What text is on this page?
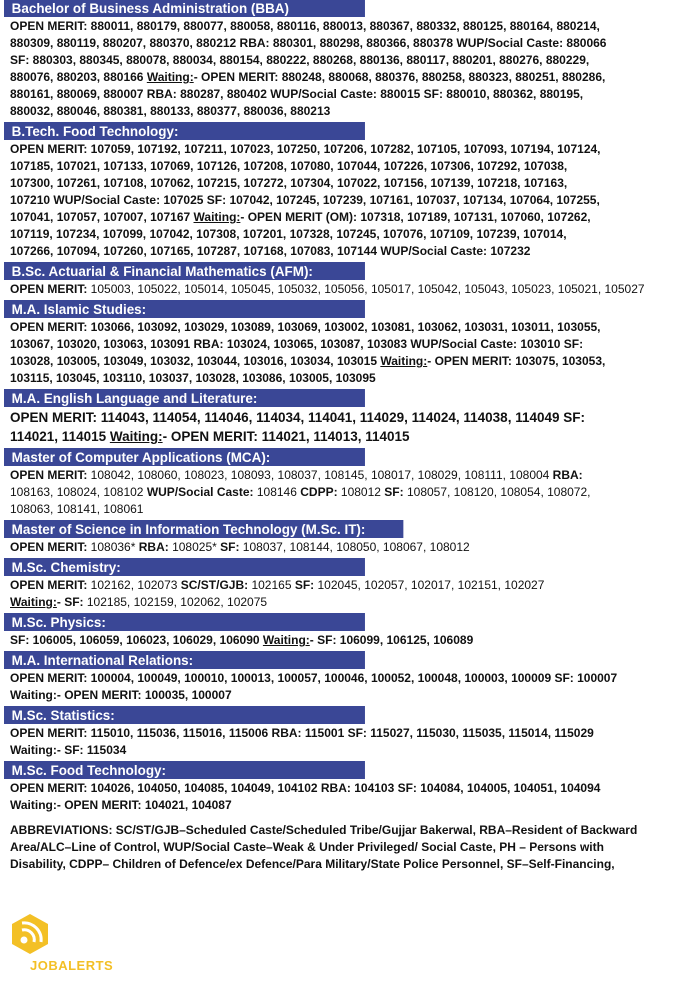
Bachelor of Business Administration (BBA)
OPEN MERIT: 880011, 880179, 880077, 880058, 880116, 880013, 880367, 880332, 880125, 880164, 880214,
880309, 880119, 880207, 880370, 880212 RBA: 880301, 880298, 880366, 880378 WUP/Social Caste: 880066
SF: 880303, 880345, 880078, 880034, 880154, 880222, 880268, 880136, 880117, 880201, 880276, 880229,
880076, 880203, 880166 Waiting:- OPEN MERIT: 880248, 880068, 880376, 880258, 880323, 880251, 880286,
880161, 880069, 880007 RBA: 880287, 880402 WUP/Social Caste: 880015 SF: 880010, 880362, 880195,
880032, 880046, 880381, 880133, 880377, 880036, 880213
B.Tech. Food Technology:
OPEN MERIT: 107059, 107192, 107211, 107023, 107250, 107206, 107282, 107105, 107093, 107194, 107124,
107185, 107021, 107133, 107069, 107126, 107208, 107080, 107044, 107226, 107306, 107292, 107038,
107300, 107261, 107108, 107062, 107215, 107272, 107304, 107022, 107156, 107139, 107218, 107163,
107210 WUP/Social Caste: 107025 SF: 107042, 107245, 107239, 107161, 107037, 107134, 107064, 107255,
107041, 107057, 107007, 107167 Waiting:- OPEN MERIT (OM): 107318, 107189, 107131, 107060, 107262,
107119, 107234, 107099, 107042, 107308, 107201, 107328, 107245, 107076, 107109, 107239, 107014,
107266, 107094, 107260, 107165, 107287, 107168, 107083, 107144 WUP/Social Caste: 107232
B.Sc. Actuarial & Financial Mathematics (AFM):
OPEN MERIT: 105003, 105022, 105014, 105045, 105032, 105056, 105017, 105042, 105043, 105023, 105021, 105027
M.A. Islamic Studies:
OPEN MERIT: 103066, 103092, 103029, 103089, 103069, 103002, 103081, 103062, 103031, 103011, 103055,
103067, 103020, 103063, 103091 RBA: 103024, 103065, 103087, 103083 WUP/Social Caste: 103010 SF:
103028, 103005, 103049, 103032, 103044, 103016, 103034, 103015 Waiting:- OPEN MERIT: 103075, 103053,
103115, 103045, 103110, 103037, 103028, 103086, 103005, 103095
M.A. English Language and Literature:
OPEN MERIT: 114043, 114054, 114046, 114034, 114041, 114029, 114024, 114038, 114049 SF:
114021, 114015 Waiting:- OPEN MERIT: 114021, 114013, 114015
Master of Computer Applications (MCA):
OPEN MERIT: 108042, 108060, 108023, 108093, 108037, 108145, 108017, 108029, 108111, 108004 RBA:
108163, 108024, 108102 WUP/Social Caste: 108146 CDPP: 108012 SF: 108057, 108120, 108054, 108072,
108063, 108141, 108061
Master of Science in Information Technology (M.Sc. IT):
OPEN MERIT: 108036* RBA: 108025* SF: 108037, 108144, 108050, 108067, 108012
M.Sc. Chemistry:
OPEN MERIT: 102162, 102073 SC/ST/GJB: 102165 SF: 102045, 102057, 102017, 102151, 102027
Waiting:- SF: 102185, 102159, 102062, 102075
M.Sc. Physics:
SF: 106005, 106059, 106023, 106029, 106090 Waiting:- SF: 106099, 106125, 106089
M.A. International Relations:
OPEN MERIT: 100004, 100049, 100010, 100013, 100057, 100046, 100052, 100048, 100003, 100009 SF: 100007
Waiting:- OPEN MERIT: 100035, 100007
M.Sc. Statistics:
OPEN MERIT: 115010, 115036, 115016, 115006 RBA: 115001 SF: 115027, 115030, 115035, 115014, 115029
Waiting:- SF: 115034
M.Sc. Food Technology:
OPEN MERIT: 104026, 104050, 104085, 104049, 104102 RBA: 104103 SF: 104084, 104005, 104051, 104094
Waiting:- OPEN MERIT: 104021, 104087
ABBREVIATIONS: SC/ST/GJB–Scheduled Caste/Scheduled Tribe/Gujjar Bakerwal, RBA–Resident of Backward
Area/ALC–Line of Control, WUP/Social Caste–Weak & Under Privileged/ Social Caste, PH – Persons with
Disability, CDPP– Children of Defence/ex Defence/Para Military/State Police Personnel, SF–Self-Financing,
JOBALERTS
